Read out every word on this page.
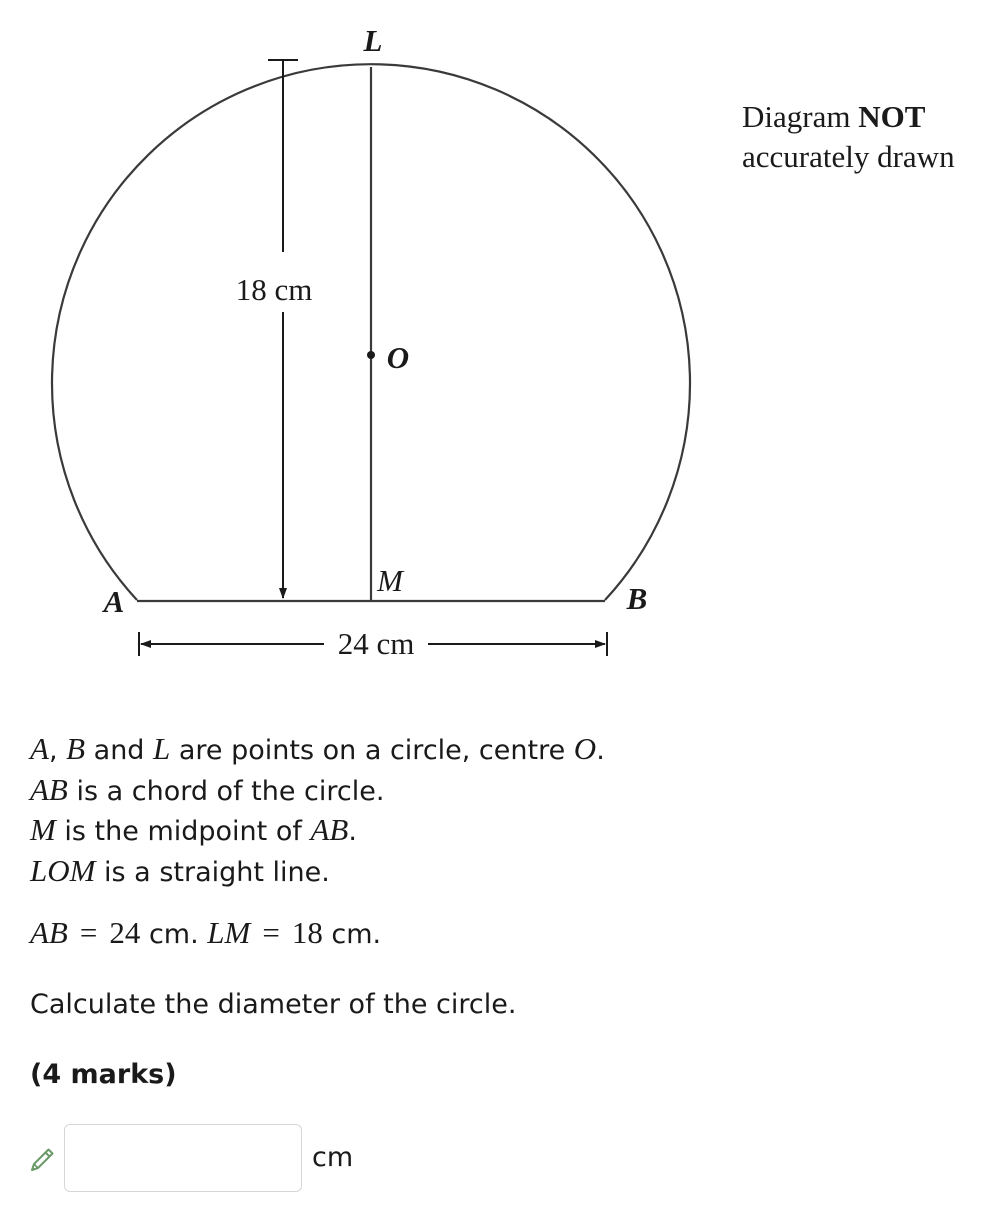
18 cm
24 cm
L
O
M
A	B
Diagram NOT
accurately drawn
A, B and L are points on a circle, centre O.
AB is a chord of the circle.
M is the midpoint of AB.
LOM is a straight line.
AB = 24 cm. LM = 18 cm.
Calculate the diameter of the circle.
(4 marks)
cm
